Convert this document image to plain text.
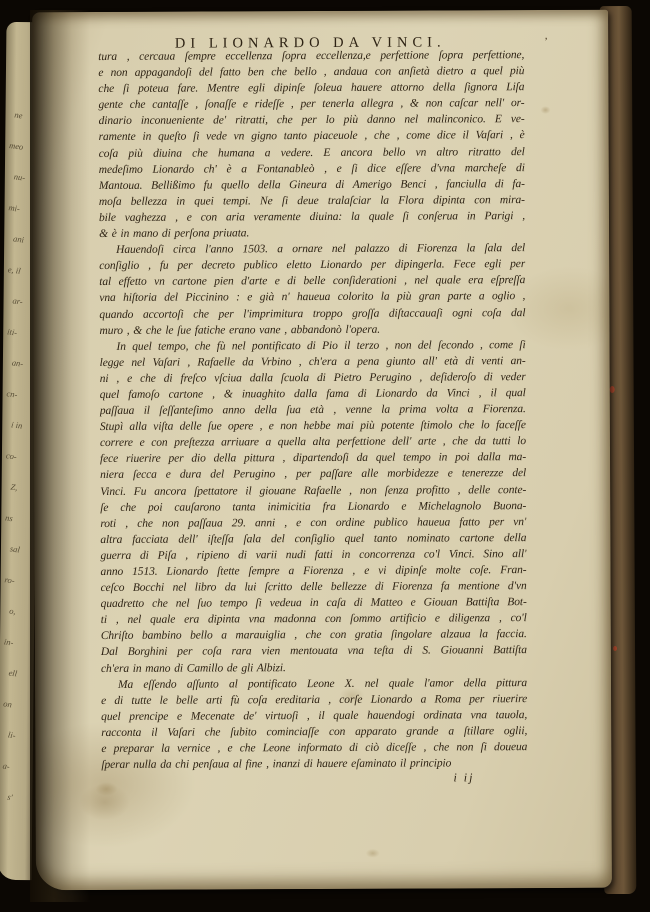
ne
meo
nu-
mi-
ani
e, il
ar-
iti-
an-
cn-
i in
co-
Z,
ns
sal
ro-
o,
in-
ell
on
li-
a-
s'
DI LIONARDO DA VINCI.	’
tura , cercaua ſempre eccellenza ſopra eccellenza,e perfettione ſopra perfettione,
e non appagandoſi del fatto ben che bello , andaua con anſietà dietro a quel più
che ſi poteua fare. Mentre egli dipinſe ſoleua hauere attorno della ſignora Liſa
gente che cantaſſe , ſonaſſe e rideſſe , per tenerla allegra , & non caſcar nell' or-
dinario inconueniente de' ritratti, che per lo più danno nel malinconico. E ve-
ramente in queſto ſi vede vn gigno tanto piaceuole , che , come dice il Vaſari , è
coſa più diuina che humana a vedere. E ancora bello vn altro ritratto del
medeſimo Lionardo ch' è a Fontanableò , e ſi dice eſſere d'vna marcheſe di
Mantoua. Bellißimo fu quello della Gineura di Amerigo Benci , fanciulla di fa-
moſa bellezza in quei tempi. Ne ſi deue tralaſciar la Flora dipinta con mira-
bile vaghezza , e con aria veramente diuina: la quale ſi conſerua in Parigi ,
& è in mano di perſona priuata.
Hauendoſi circa l'anno 1503. a ornare nel palazzo di Fiorenza la ſala del
conſiglio , fu per decreto publico eletto Lionardo per dipingerla. Fece egli per
tal effetto vn cartone pien d'arte e di belle conſiderationi , nel quale era eſpreſſa
vna hiſtoria del Piccinino : e già n' haueua colorito la più gran parte a oglio ,
quando accortoſi che per l'imprimitura troppo groſſa diſtaccauaſi ogni coſa dal
muro , & che le ſue fatiche erano vane , abbandonò l'opera.
In quel tempo, che fù nel pontificato di Pio il terzo , non del ſecondo , come ſi
legge nel Vaſari , Rafaelle da Vrbino , ch'era a pena giunto all' età di venti an-
ni , e che di freſco vſciua dalla ſcuola di Pietro Perugino , deſideroſo di veder
quel famoſo cartone , & inuaghito dalla fama di Lionardo da Vinci , il qual
paſſaua il ſeſſanteſimo anno della ſua età , venne la prima volta a Fiorenza.
Stupì alla viſta delle ſue opere , e non hebbe mai più potente ſtimolo che lo faceſſe
correre e con preſtezza arriuare a quella alta perfettione dell' arte , che da tutti lo
fece riuerire per dio della pittura , dipartendoſi da quel tempo in poi dalla ma-
niera ſecca e dura del Perugino , per paſſare alle morbidezze e tenerezze del
Vinci. Fu ancora ſpettatore il giouane Rafaelle , non ſenza profitto , delle conte-
ſe che poi cauſarono tanta inimicitia fra Lionardo e Michelagnolo Buona-
roti , che non paſſaua 29. anni , e con ordine publico haueua fatto per vn'
altra facciata dell' iſteſſa ſala del conſiglio quel tanto nominato cartone della
guerra di Piſa , ripieno di varii nudi fatti in concorrenza co'l Vinci. Sino all'
anno 1513. Lionardo ſtette ſempre a Fiorenza , e vi dipinſe molte coſe. Fran-
ceſco Bocchi nel libro da lui ſcritto delle bellezze di Fiorenza fa mentione d'vn
quadretto che nel ſuo tempo ſi vedeua in caſa di Matteo e Giouan Battiſta Bot-
ti , nel quale era dipinta vna madonna con ſommo artificio e diligenza , co'l
Chriſto bambino bello a marauiglia , che con gratia ſingolare alzaua la faccia.
Dal Borghini per coſa rara vien mentouata vna teſta di S. Giouanni Battiſta
ch'era in mano di Camillo de gli Albizi.
Ma eſſendo aſſunto al pontificato Leone X. nel quale l'amor della pittura
e di tutte le belle arti fù coſa ereditaria , corſe Lionardo a Roma per riuerire
quel prencipe e Mecenate de' virtuoſi , il quale hauendogi ordinata vna tauola,
racconta il Vaſari che ſubito cominciaſſe con apparato grande a ſtillare oglii,
e preparar la vernice , e che Leone informato di ciò diceſſe , che non ſi doueua
ſperar nulla da chi penſaua al fine , inanzi di hauere eſaminato il principio
i ij
